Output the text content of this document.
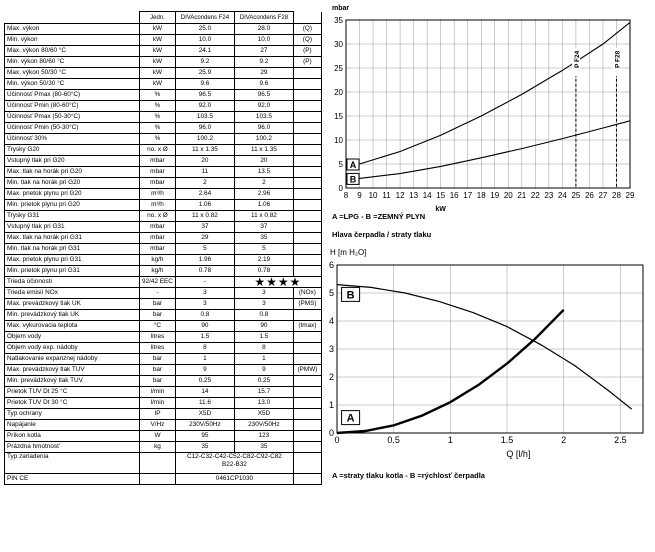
	Jedn.	DIVAcondens F24	DIVAcondens F28	
Max. výkon	kW	25.0	28.0	(Q)
Min. výkon	kW	10.0	10.0	(Q)
Max. výkon 80/60 °C	kW	24.1	27	(P)
Min. výkon 80/60 °C	kW	9.2	9.2	(P)
Max. výkon 50/30 °C	kW	25.9	29	
Min. výkon 50/30 °C	kW	9.6	9.6	
Účinnosť Pmax (80-60°C)	%	96.5	96.5	
Účinnosť Pmin (80-60°C)	%	92.0	92.0	
Účinnosť Pmax (50-30°C)	%	103.5	103.5	
Účinnosť Pmin (50-30°C)	%	96.0	96.0	
Účinnosť 30%	%	100.2	100.2	
Trysky G20	no. x Ø	11 x 1.35	11 x 1.35	
Vstupný tlak pri G20	mbar	20	20	
Max. tlak na horák pri G20	mbar	11	13.5	
Min. tlak na horák pri G20	mbar	2	2	
Max. prietok plynu pri G20	m³/h	2.64	2.96	
Min. prietok plynu pri G20	m³/h	1.06	1.06	
Trysky G31	no. x Ø	11 x 0.82	11 x 0.82	
Vstupný tlak pri G31	mbar	37	37	
Max. tlak na horák pri G31	mbar	29	35	
Min. tlak na horák pri G31	mbar	5	5	
Max. prietok plynu pri G31	kg/h	1.96	2.19	
Min. prietok plynu pri G31	kg/h	0.78	0.78	
Trieda účinnosti	92/42 EEC	-	★★★★	
Trieda emisií NOx	-	3	3	(NOx)
Max. prevádzkový tlak UK	bar	3	3	(PMS)
Min. prevádzkový tlak UK	bar	0.8	0.8	
Max. vykurovacia teplota	°C	90	90	(tmax)
Objem vody	litres	1.5	1.5	
Objem vody exp. nádoby	litres	8	8	
Natlakovanie expanznej nádoby	bar	1	1	
Max. prevádzkový tlak TUV	bar	9	9	(PMW)
Min. prevádzkový tlak TUV	bar	0.25	0.25	
Prietok TUV Dt 25 °C	l/min	14	15.7	
Prietok TUV Dt 30 °C	l/min	11.6	13.0	
Typ ochrany	IP	X5D	X5D	
Napájanie	V/Hz	230V/50Hz	230V/50Hz	
Príkon kotla	W	95	123	
Prázdna hmotnosť	kg	35	35	
Typ zariadenia		C12-C32-C42-C52-C82-C92-C82
B22-B32		

PIN CE		0461CP1030		
8 9 10 11 12 13 14 15 16 17 18 19 20 21 22 23 24 25 26 27 28 29
0
5
10
15
20
25
30
35
mbar
kW
P F24	P F28
A
B
A =LPG - B =ZEMNÝ PLYN
Hlava čerpadla / straty tlaku
0	0.5	1	1.5	2	2.5
0
1
2
3
4
5
6
H [m H₂O]
Q [l/h]
B
A
A =straty tlaku kotla - B =rýchlosť čerpadla
